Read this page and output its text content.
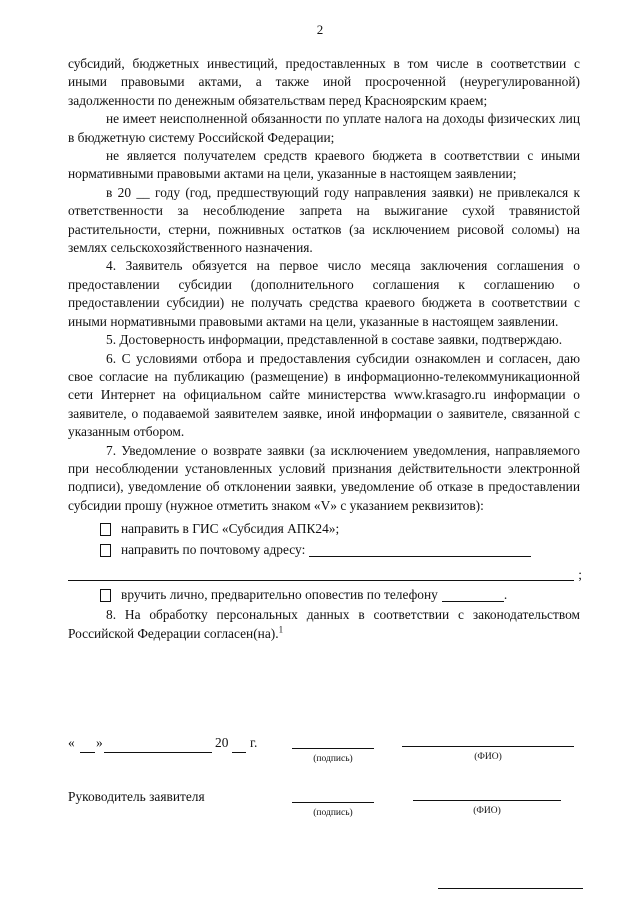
2

субсидий, бюджетных инвестиций, предоставленных в том числе в соответствии с иными правовыми актами, а также иной просроченной (неурегулированной) задолженности по денежным обязательствам перед Красноярским краем;

не имеет неисполненной обязанности по уплате налога на доходы физических лиц в бюджетную систему Российской Федерации;

не является получателем средств краевого бюджета в соответствии с иными нормативными правовыми актами на цели, указанные в настоящем заявлении;

в 20 __ году (год, предшествующий году направления заявки) не привлекался к ответственности за несоблюдение запрета на выжигание сухой травянистой растительности, стерни, пожнивных остатков (за исключением рисовой соломы) на землях сельскохозяйственного назначения.

4. Заявитель обязуется на первое число месяца заключения соглашения о предоставлении субсидии (дополнительного соглашения к соглашению о предоставлении субсидии) не получать средства краевого бюджета в соответствии с иными нормативными правовыми актами на цели, указанные в настоящем заявлении.

5. Достоверность информации, представленной в составе заявки, подтверждаю.

6. С условиями отбора и предоставления субсидии ознакомлен и согласен, даю свое согласие на публикацию (размещение) в информационно-телекоммуникационной сети Интернет на официальном сайте министерства www.krasagro.ru информации о заявителе, о подаваемой заявителем заявке, иной информации о заявителе, связанной с указанным отбором.

7. Уведомление о возврате заявки (за исключением уведомления, направляемого при несоблюдении установленных условий признания действительности электронной подписи), уведомление об отклонении заявки, уведомление об отказе в предоставлении субсидии прошу (нужное отметить знаком «V» с указанием реквизитов):

направить в ГИС «Субсидия АПК24»;
направить по почтовому адресу:
;
вручить лично, предварительно оповестив по телефону	.

8. На обработку персональных данных в соответствии с законодательством Российской Федерации согласен(на).$^1$

« »	20 г.
(подпись)	(ФИО)
Руководитель заявителя
(подпись)	(ФИО)
